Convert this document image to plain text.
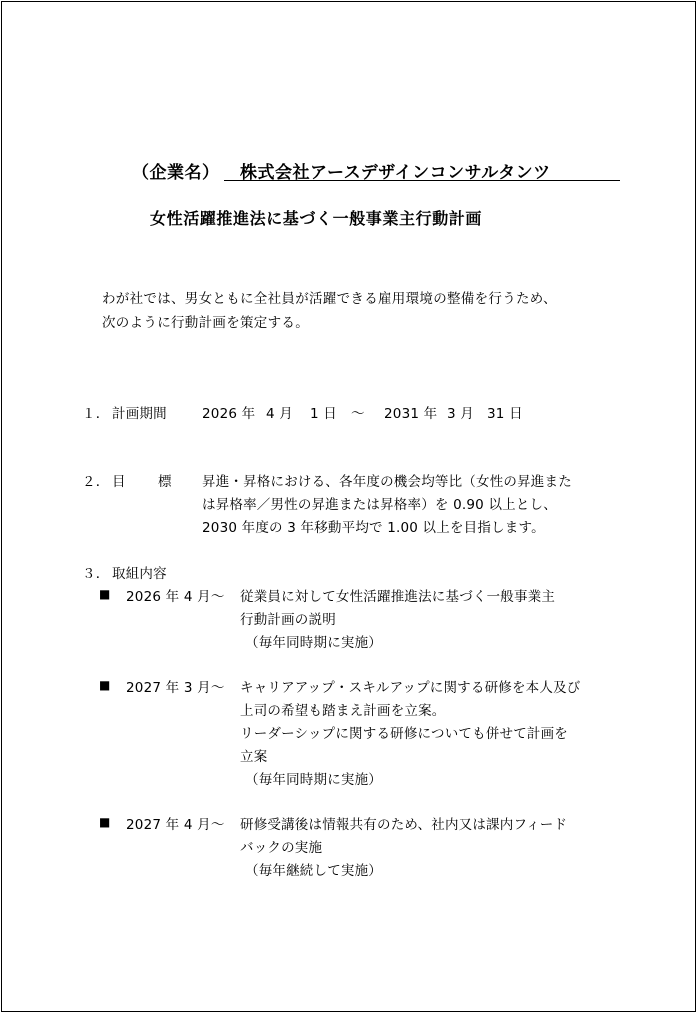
（企業名） 株式会社アースデザインコンサルタンツ
女性活躍推進法に基づく一般事業主行動計画
わが社では、男女ともに全社員が活躍できる雇用環境の整備を行うため、
次のように行動計画を策定する。
１． 計画期間	2026 年 4 月 1 日 ～ 2031 年 3 月 31 日
２． 目 標 昇進・昇格における、各年度の機会均等比（女性の昇進また
は昇格率／男性の昇進または昇格率）を 0.90 以上とし、
2030 年度の 3 年移動平均で 1.00 以上を目指します。
３． 取組内容
■ 2026 年 4 月～ 従業員に対して女性活躍推進法に基づく一般事業主
行動計画の説明
（毎年同時期に実施）
■ 2027 年 3 月～ キャリアアップ・スキルアップに関する研修を本人及び
上司の希望も踏まえ計画を立案。
リーダーシップに関する研修についても併せて計画を
立案
（毎年同時期に実施）
■ 2027 年 4 月～ 研修受講後は情報共有のため、社内又は課内フィード
バックの実施
（毎年継続して実施）
